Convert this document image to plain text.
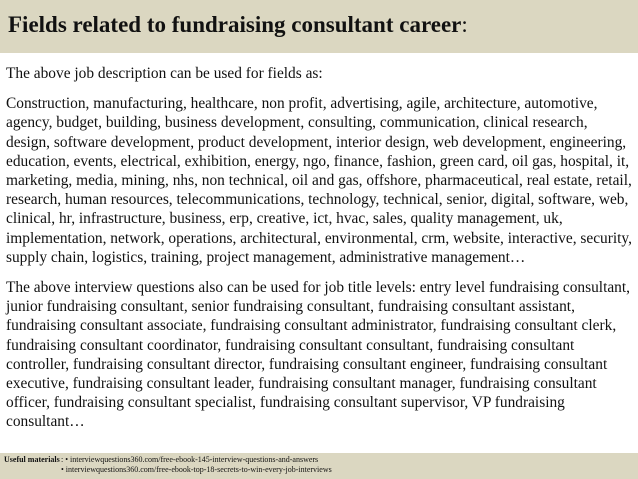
Fields related to fundraising consultant career:

The above job description can be used for fields as:

Construction, manufacturing, healthcare, non profit, advertising, agile, architecture, automotive, agency, budget, building, business development, consulting, communication, clinical research, design, software development, product development, interior design, web development, engineering, education, events, electrical, exhibition, energy, ngo, finance, fashion, green card, oil gas, hospital, it, marketing, media, mining, nhs, non technical, oil and gas, offshore, pharmaceutical, real estate, retail, research, human resources, telecommunications, technology, technical, senior, digital, software, web, clinical, hr, infrastructure, business, erp, creative, ict, hvac, sales, quality management, uk, implementation, network, operations, architectural, environmental, crm, website, interactive, security, supply chain, logistics, training, project management, administrative management…

The above interview questions also can be used for job title levels: entry level fundraising consultant, junior fundraising consultant, senior fundraising consultant, fundraising consultant assistant, fundraising consultant associate, fundraising consultant administrator, fundraising consultant clerk, fundraising consultant coordinator, fundraising consultant consultant, fundraising consultant controller, fundraising consultant director, fundraising consultant engineer, fundraising consultant executive, fundraising consultant leader, fundraising consultant manager, fundraising consultant officer, fundraising consultant specialist, fundraising consultant supervisor, VP fundraising consultant…

Useful materials : • interviewquestions360.com/free-ebook-145-interview-questions-and-answers
• interviewquestions360.com/free-ebook-top-18-secrets-to-win-every-job-interviews
